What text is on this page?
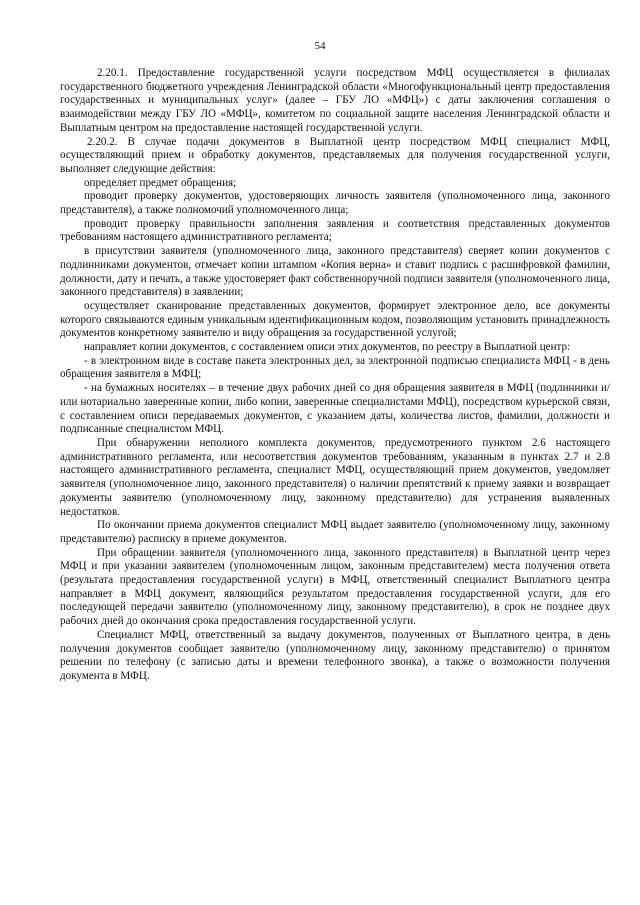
54

2.20.1. Предоставление государственной услуги посредством МФЦ осуществляется в филиалах государственного бюджетного учреждения Ленинградской области «Многофункциональный центр предоставления государственных и муниципальных услуг» (далее – ГБУ ЛО «МФЦ») с даты заключения соглашения о взаимодействии между ГБУ ЛО «МФЦ», комитетом по социальной защите населения Ленинградской области и Выплатным центром на предоставление настоящей государственной услуги.

2.20.2. В случае подачи документов в Выплатной центр посредством МФЦ специалист МФЦ, осуществляющий прием и обработку документов, представляемых для получения государственной услуги, выполняет следующие действия:

определяет предмет обращения;

проводит проверку документов, удостоверяющих личность заявителя (уполномоченного лица, законного представителя), а также полномочий уполномоченного лица;

проводит проверку правильности заполнения заявления и соответствия представленных документов требованиям настоящего административного регламента;

в присутствии заявителя (уполномоченного лица, законного представителя) сверяет копии документов с подлинниками документов, отмечает копии штампом «Копия верна» и ставит подпись с расшифровкой фамилии, должности, дату и печать, а также удостоверяет факт собственноручной подписи заявителя (уполномоченного лица, законного представителя) в заявлении;

осуществляет сканирование представленных документов, формирует электронное дело, все документы которого связываются единым уникальным идентификационным кодом, позволяющим установить принадлежность документов конкретному заявителю и виду обращения за государственной услугой;

направляет копии документов, с составлением описи этих документов, по реестру в Выплатной центр:

- в электронном виде в составе пакета электронных дел, за электронной подписью специалиста МФЦ - в день обращения заявителя в МФЦ;

- на бумажных носителях – в течение двух рабочих дней со дня обращения заявителя в МФЦ (подлинники и/или нотариально заверенные копии, либо копии, заверенные специалистами МФЦ), посредством курьерской связи, с составлением описи передаваемых документов, с указанием даты, количества листов, фамилии, должности и подписанные специалистом МФЦ.

При обнаружении неполного комплекта документов, предусмотренного пунктом 2.6 настоящего административного регламента, или несоответствия документов требованиям, указанным в пунктах 2.7 и 2.8 настоящего административного регламента, специалист МФЦ, осуществляющий прием документов, уведомляет заявителя (уполномоченное лицо, законного представителя) о наличии препятствий к приему заявки и возвращает документы заявителю (уполномоченному лицу, законному представителю) для устранения выявленных недостатков.

По окончании приема документов специалист МФЦ выдает заявителю (уполномоченному лицу, законному представителю) расписку в приеме документов.

При обращении заявителя (уполномоченного лица, законного представителя) в Выплатной центр через МФЦ и при указании заявителем (уполномоченным лицом, законным представителем) места получения ответа (результата предоставления государственной услуги) в МФЦ, ответственный специалист Выплатного центра направляет в МФЦ документ, являющийся результатом предоставления государственной услуги, для его последующей передачи заявителю (уполномоченному лицу, законному представителю), в срок не позднее двух рабочих дней до окончания срока предоставления государственной услуги.

Специалист МФЦ, ответственный за выдачу документов, полученных от Выплатного центра, в день получения документов сообщает заявителю (уполномоченному лицу, законному представителю) о принятом решении по телефону (с записью даты и времени телефонного звонка), а также о возможности получения документа в МФЦ.
